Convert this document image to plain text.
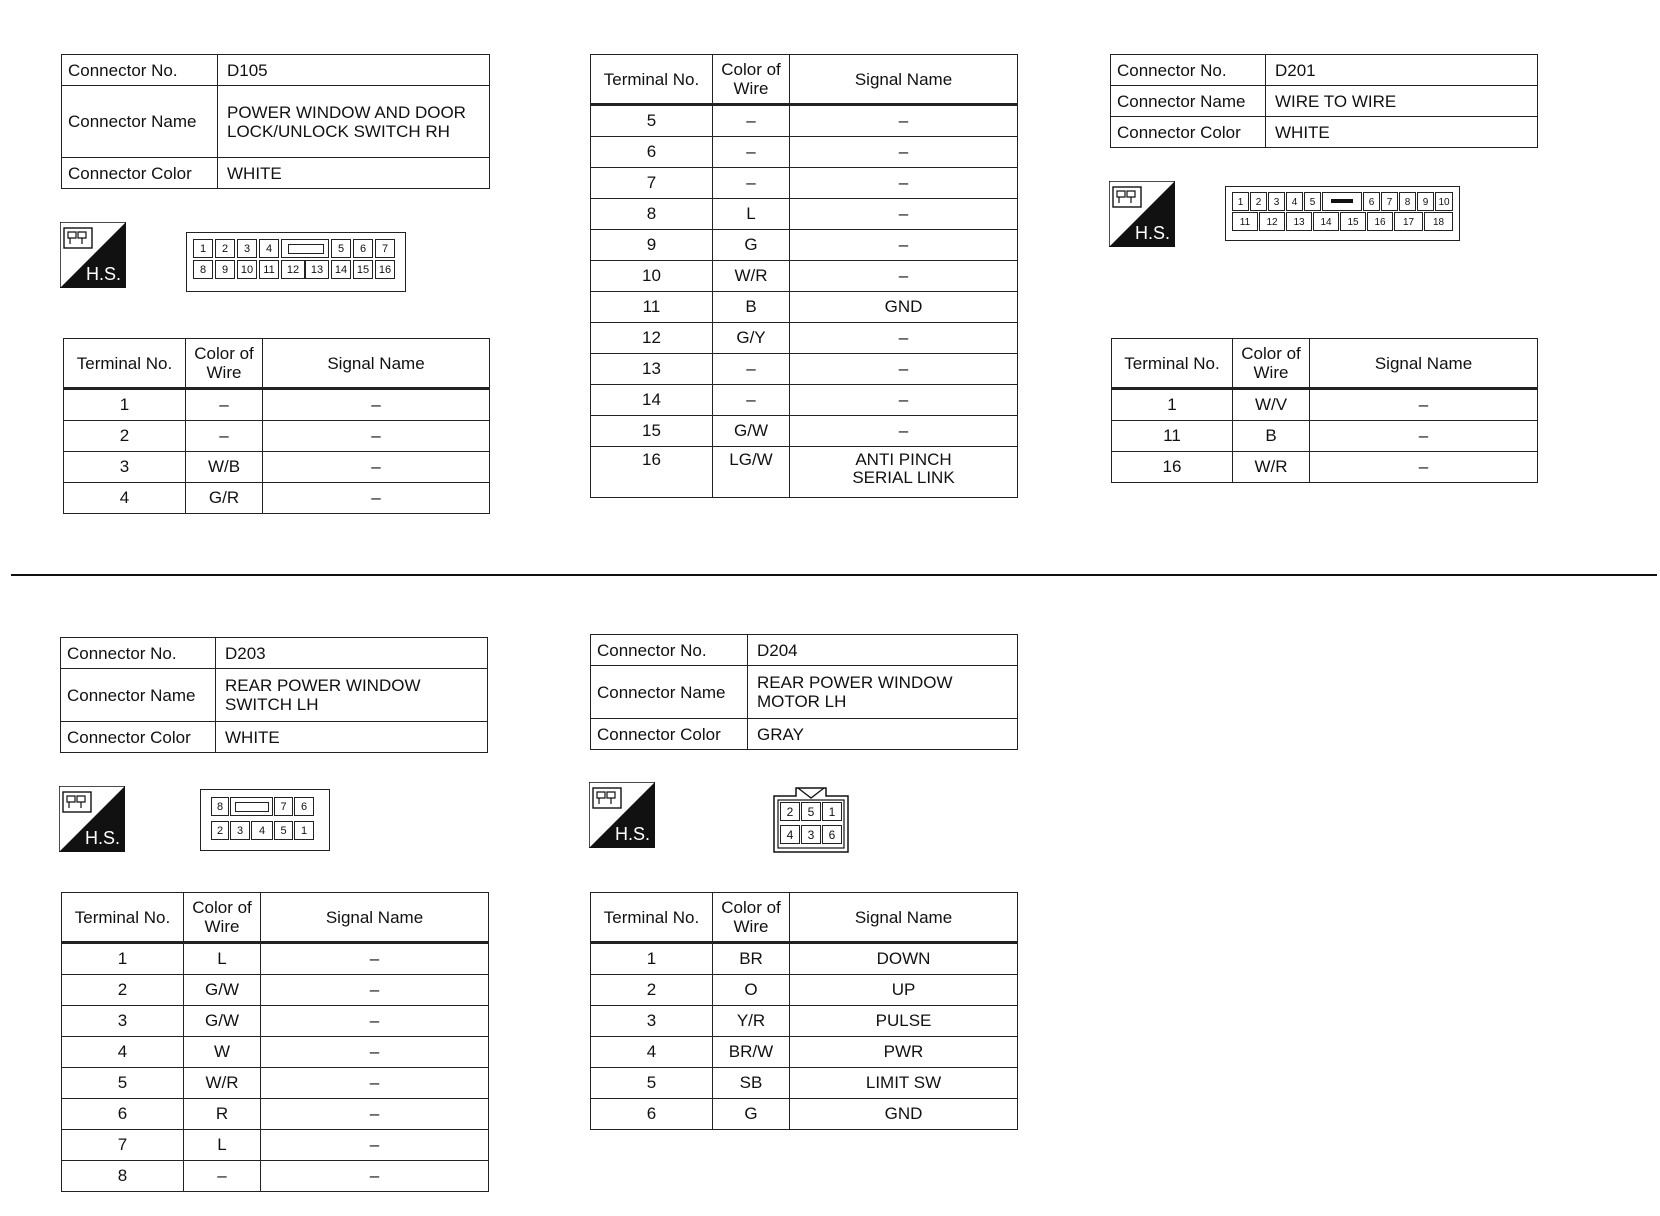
Connector No.	D105
Connector Name	POWER WINDOW AND DOOR LOCK/UNLOCK SWITCH RH
Connector Color	WHITE
H.S.
1	2	3	4	5	6	7
8	9	10 11	12	13	14 15 16
Terminal No.	Color of Wire	Signal Name
1	–	–
2	–	–
3	W/B	–
4	G/R	–
Terminal No.	Color of Wire	Signal Name
5	–	–
6	–	–
7	–	–
8	L	–
9	G	–
10	W/R	–
11	B	GND
12	G/Y	–
13	–	–
14	–	–
15	G/W	–
16	LG/W	ANTI PINCH SERIAL LINK
Connector No.	D201
Connector Name	WIRE TO WIRE
Connector Color	WHITE
H.S.
1	2	3	4	5	6	7	8	9	10
11	12	13	14	15	16	17	18
Terminal No.	Color of Wire	Signal Name
1	W/V	–
11	B	–
16	W/R	–
Connector No.	D203
Connector Name	REAR POWER WINDOW SWITCH LH
Connector Color	WHITE
H.S.
8	7	6
2	3	4	5	1
Terminal No.	Color of Wire	Signal Name
1	L	–
2	G/W	–
3	G/W	–
4	W	–
5	W/R	–
6	R	–
7	L	–
8	–	–
Connector No.	D204
Connector Name	REAR POWER WINDOW MOTOR LH
Connector Color	GRAY
H.S.
2	5	1
4	3	6
Terminal No.	Color of Wire	Signal Name
1	BR	DOWN
2	O	UP
3	Y/R	PULSE
4	BR/W	PWR
5	SB	LIMIT SW
6	G	GND
